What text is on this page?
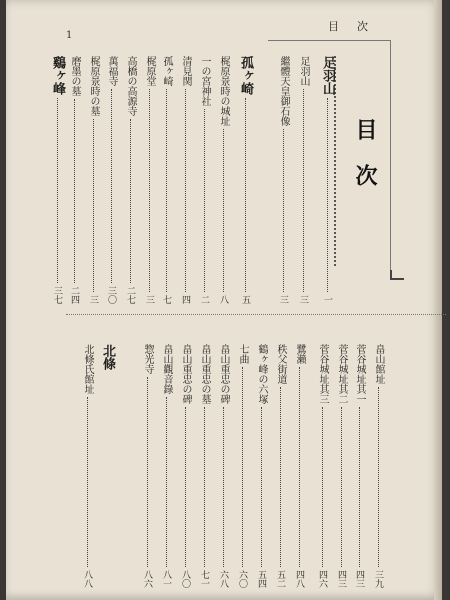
目次
1
目次
足羽山
一
足羽山
三
繼體天皇御石像
三
孤ヶ崎
五
梶原景時の城址
八
一の宮神社
二
清見関
四
孤ヶ崎
七
梶原堂
三
高橋の高源寺
二七
萬福寺
三〇
梶原景時の墓
三
磨墨の墓
二四
鷄ヶ峰
三七
畠山館址
三九
菅谷城址其一
四三
菅谷城址其二
四三
菅谷城址其三
四六
鷺瀨
四八
秩父街道
五二
鶴ヶ峰の六塚
五四
七曲
六〇
畠山重忠の碑
六八
畠山重忠の墓
七一
畠山重忠の碑
八〇
畠山觀音錄
八一
惣光寺
八六
北條
北條氏館址
八八
